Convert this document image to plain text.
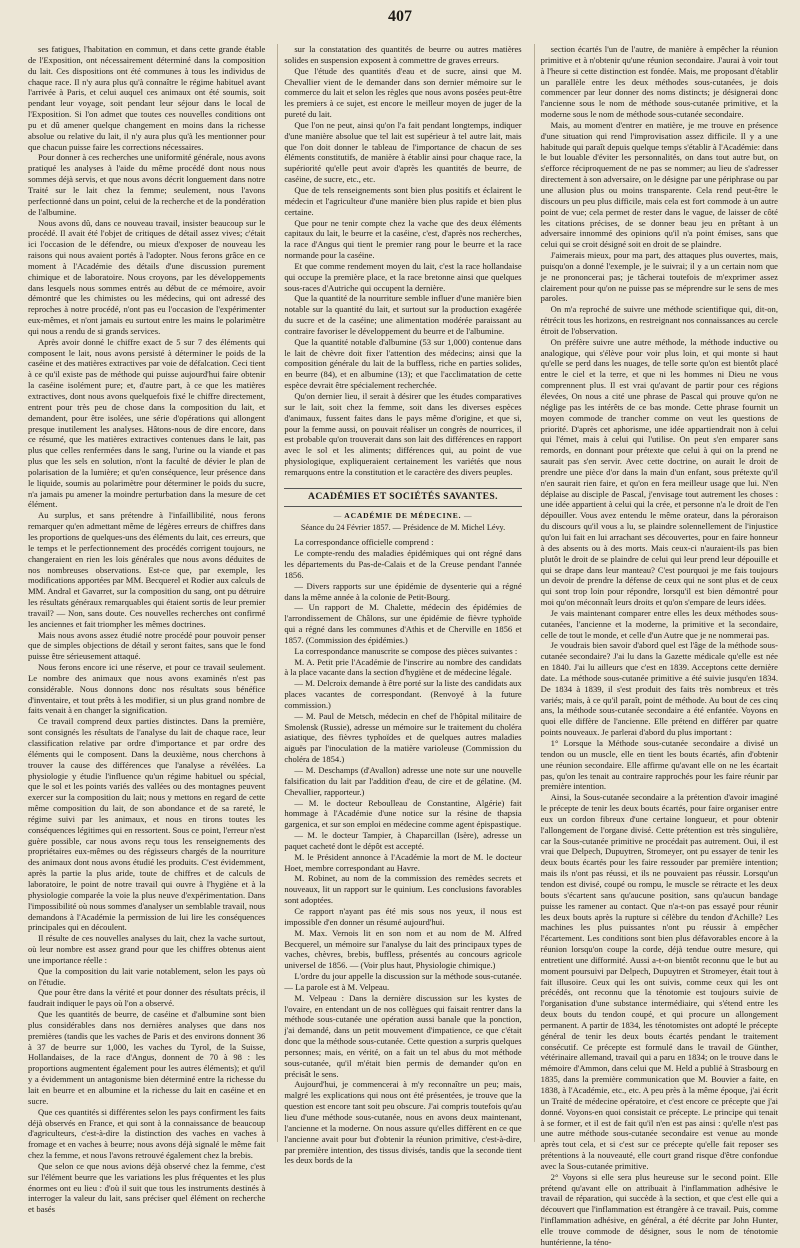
407

ses fatigues, l'habitation en commun, et dans cette grande étable de l'Exposition, ont nécessairement déterminé dans la composition du lait. Ces dispositions ont été communes à tous les individus de chaque race. Il n'y aura plus qu'à connaître le régime habituel avant l'arrivée à Paris, et celui auquel ces animaux ont été soumis, soit pendant leur voyage, soit pendant leur séjour dans le local de l'Exposition. Si l'on admet que toutes ces nouvelles conditions ont pu et dû amener quelque changement en moins dans la richesse absolue ou relative du lait, il n'y aura plus qu'à les mentionner pour que chacun puisse faire les corrections nécessaires.

Pour donner à ces recherches une uniformité générale, nous avons pratiqué les analyses à l'aide du même procédé dont nous nous sommes déjà servis, et que nous avons décrit longuement dans notre Traité sur le lait chez la femme; seulement, nous l'avons perfectionné dans un point, celui de la recherche et de la pondération de l'albumine.

Nous avons dû, dans ce nouveau travail, insister beaucoup sur le procédé. Il avait été l'objet de critiques de détail assez vives; c'était ici l'occasion de le défendre, ou mieux d'exposer de nouveau les raisons qui nous avaient portés à l'adopter. Nous ferons grâce en ce moment à l'Académie des détails d'une discussion purement chimique et de laboratoire. Nous croyons, par les développements dans lesquels nous sommes entrés au début de ce mémoire, avoir démontré que les chimistes ou les médecins, qui ont adressé des reproches à notre procédé, n'ont pas eu l'occasion de l'expérimenter eux-mêmes, et n'ont jamais eu surtout entre les mains le polarimètre qui nous a rendu de si grands services.

Après avoir donné le chiffre exact de 5 sur 7 des éléments qui composent le lait, nous avons persisté à déterminer le poids de la caséine et des matières extractives par voie de défalcation. Ceci tient à ce qu'il existe pas de méthode qui puisse aujourd'hui faire obtenir la caséine isolément pure; et, d'autre part, à ce que les matières extractives, dont nous avons quelquefois fixé le chiffre directement, entrent pour très peu de chose dans la composition du lait, et demandent, pour être isolées, une série d'opérations qui allongent presque inutilement les analyses. Hâtons-nous de dire encore, dans ce résumé, que les matières extractives contenues dans le lait, pas plus que celles renfermées dans le sang, l'urine ou la viande et pas plus que les sels en solution, n'ont la faculté de dévier le plan de polarisation de la lumière; et qu'en conséquence, leur présence dans le liquide, soumis au polarimètre pour déterminer le poids du sucre, n'a jamais pu amener la moindre perturbation dans la mesure de cet élément.

Au surplus, et sans prétendre à l'infaillibilité, nous ferons remarquer qu'en admettant même de légères erreurs de chiffres dans les proportions de quelques-uns des éléments du lait, ces erreurs, que le temps et le perfectionnement des procédés corrigent toujours, ne changeraient en rien les lois générales que nous avons déduites de nos nombreuses observations. Est-ce que, par exemple, les modifications apportées par MM. Becquerel et Rodier aux calculs de MM. Andral et Gavarret, sur la composition du sang, ont pu détruire les résultats généraux remarquables qui étaient sortis de leur premier travail? — Non, sans doute. Ces nouvelles recherches ont confirmé les anciennes et fait triompher les mêmes doctrines.

Mais nous avons assez étudié notre procédé pour pouvoir penser que de simples objections de détail y seront faites, sans que le fond puisse être sérieusement attaqué.

Nous ferons encore ici une réserve, et pour ce travail seulement. Le nombre des animaux que nous avons examinés n'est pas considérable. Nous donnons donc nos résultats sous bénéfice d'inventaire, et tout prêts à les modifier, si un plus grand nombre de faits venait à en changer la signification.

Ce travail comprend deux parties distinctes. Dans la première, sont consignés les résultats de l'analyse du lait de chaque race, leur classification relative par ordre d'importance et par ordre des éléments qui le composent. Dans la deuxième, nous cherchons à trouver la cause des différences que l'analyse a révélées. La physiologie y étudie l'influence qu'un régime habituel ou spécial, que le sol et les points variés des vallées ou des montagnes peuvent exercer sur la composition du lait; nous y mettons en regard de cette même composition du lait, de son abondance et de sa rareté, le régime suivi par les animaux, et nous en tirons toutes les conséquences légitimes qui en ressortent. Sous ce point, l'erreur n'est guère possible, car nous avons reçu tous les renseignements des propriétaires eux-mêmes ou des régisseurs chargés de la nourriture des animaux dont nous avons étudié les produits. C'est évidemment, après la partie la plus aride, toute de chiffres et de calculs de laboratoire, le point de notre travail qui ouvre à l'hygiène et à la physiologie comparée la voie la plus neuve d'expérimentation. Dans l'impossibilité où nous sommes d'analyser un semblable travail, nous demandons à l'Académie la permission de lui lire les conséquences principales qui en découlent.

Il résulte de ces nouvelles analyses du lait, chez la vache surtout, où leur nombre est assez grand pour que les chiffres obtenus aient une importance réelle :

Que la composition du lait varie notablement, selon les pays où on l'étudie.

Que pour être dans la vérité et pour donner des résultats précis, il faudrait indiquer le pays où l'on a observé.

Que les quantités de beurre, de caséine et d'albumine sont bien plus considérables dans nos dernières analyses que dans nos premières (tandis que les vaches de Paris et des environs donnent 36 à 37 de beurre sur 1,000, les vaches du Tyrol, de la Suisse, Hollandaises, de la race d'Angus, donnent de 70 à 98 : les proportions augmentent également pour les autres éléments); et qu'il y a évidemment un antagonisme bien déterminé entre la richesse du lait en beurre et en albumine et la richesse du lait en caséine et en sucre.

Que ces quantités si différentes selon les pays confirment les faits déjà observés en France, et qui sont à la connaissance de beaucoup d'agriculteurs, c'est-à-dire la distinction des vaches en vaches à fromage et en vaches à beurre; nous avons déjà signalé le même fait chez la femme, et nous l'avons retrouvé également chez la brebis.

Que selon ce que nous avions déjà observé chez la femme, c'est sur l'élément beurre que les variations les plus fréquentes et les plus énormes ont eu lieu : d'où il suit que tous les instruments destinés à interroger la valeur du lait, sans préciser quel élément on recherche et basés

sur la constatation des quantités de beurre ou autres matières solides en suspension exposent à commettre de graves erreurs.

Que l'étude des quantités d'eau et de sucre, ainsi que M. Chevallier vient de le demander dans son dernier mémoire sur le commerce du lait et selon les règles que nous avons posées peut-être les premiers à ce sujet, est encore le meilleur moyen de juger de la pureté du lait.

Que l'on ne peut, ainsi qu'on l'a fait pendant longtemps, indiquer d'une manière absolue que tel lait est supérieur à tel autre lait, mais que l'on doit donner le tableau de l'importance de chacun de ses éléments constitutifs, de manière à établir ainsi pour chaque race, la supériorité qu'elle peut avoir d'après les quantités de beurre, de caséine, de sucre, etc., etc.

Que de tels renseignements sont bien plus positifs et éclairent le médecin et l'agriculteur d'une manière bien plus rapide et bien plus certaine.

Que pour ne tenir compte chez la vache que des deux éléments capitaux du lait, le beurre et la caséine, c'est, d'après nos recherches, la race d'Angus qui tient le premier rang pour le beurre et la race normande pour la caséine.

Et que comme rendement moyen du lait, c'est la race hollandaise qui occupe la première place, et la race bretonne ainsi que quelques sous-races d'Autriche qui occupent la dernière.

Que la quantité de la nourriture semble influer d'une manière bien notable sur la quantité du lait, et surtout sur la production exagérée du sucre et de la caséine; une alimentation modérée paraissant au contraire favoriser le développement du beurre et de l'albumine.

Que la quantité notable d'albumine (53 sur 1,000) contenue dans le lait de chèvre doit fixer l'attention des médecins; ainsi que la composition générale du lait de la buffless, riche en parties solides, en beurre (84), et en albumine (13); et que l'acclimatation de cette espèce devrait être spécialement recherchée.

Qu'on dernier lieu, il serait à désirer que les études comparatives sur le lait, soit chez la femme, soit dans les diverses espèces d'animaux, fussent faites dans le pays même d'origine, et que si, pour la femme aussi, on pouvait réaliser un congrès de nourrices, il est probable qu'on trouverait dans son lait des différences en rapport avec le sol et les aliments; différences qui, au point de vue physiologique, expliqueraient certainement les variétés que nous remarquons entre la constitution et le caractère des divers peuples.

ACADÉMIES ET SOCIÉTÉS SAVANTES.
— ACADÉMIE DE MÉDECINE. —
Séance du 24 Février 1857. — Présidence de M. Michel Lévy.

La correspondance officielle comprend :

Le compte-rendu des maladies épidémiques qui ont régné dans les départements du Pas-de-Calais et de la Creuse pendant l'année 1856.

— Divers rapports sur une épidémie de dysenterie qui a régné dans la même année à la colonie de Petit-Bourg.

— Un rapport de M. Chalette, médecin des épidémies de l'arrondissement de Châlons, sur une épidémie de fièvre typhoïde qui a régné dans les communes d'Athis et de Cherville en 1856 et 1857. (Commission des épidémies.)

La correspondance manuscrite se compose des pièces suivantes :

M. A. Petit prie l'Académie de l'inscrire au nombre des candidats à la place vacante dans la section d'hygiène et de médecine légale.

— M. Delcroix demande à être porté sur la liste des candidats aux places vacantes de correspondant. (Renvoyé à la future commission.)

— M. Paul de Metsch, médecin en chef de l'hôpital militaire de Smolensk (Russie), adresse un mémoire sur le traitement du choléra asiatique, des fièvres typhoïdes et de quelques autres maladies aiguës par l'inoculation de la matière varioleuse (Commission du choléra de 1854.)

— M. Deschamps (d'Avallon) adresse une note sur une nouvelle falsification du lait par l'addition d'eau, de cire et de gélatine. (M. Chevallier, rapporteur.)

— M. le docteur Reboulleau de Constantine, Algérie) fait hommage à l'Académie d'une notice sur la résine de thapsia gargenica, et sur son emploi en médecine comme agent épispastique.

— M. le docteur Tampier, à Chaparcillan (Isère), adresse un paquet cacheté dont le dépôt est accepté.

M. le Président annonce à l'Académie la mort de M. le docteur Hoet, membre correspondant au Havre.

M. Robinet, au nom de la commission des remèdes secrets et nouveaux, lit un rapport sur le quinium. Les conclusions favorables sont adoptées.

Ce rapport n'ayant pas été mis sous nos yeux, il nous est impossible d'en donner un résumé aujourd'hui.

M. Max. Vernois lit en son nom et au nom de M. Alfred Becquerel, un mémoire sur l'analyse du lait des principaux types de vaches, chèvres, brebis, buffless, présentés au concours agricole universel de 1856. — (Voir plus haut, Physiologie chimique.)

L'ordre du jour appelle la discussion sur la méthode sous-cutanée. — La parole est à M. Velpeau.

M. Velpeau : Dans la dernière discussion sur les kystes de l'ovaire, en entendant un de nos collègues qui faisait rentrer dans la méthode sous-cutanée une opération aussi banale que la ponction, j'ai demandé, dans un petit mouvement d'impatience, ce que c'était donc que la méthode sous-cutanée. Cette question a surpris quelques personnes; mais, en vérité, on a fait un tel abus du mot méthode sous-cutanée, qu'il m'était bien permis de demander qu'on en précisât le sens.

Aujourd'hui, je commencerai à m'y reconnaître un peu; mais, malgré les explications qui nous ont été présentées, je trouve que la question est encore tant soit peu obscure. J'ai compris toutefois qu'au lieu d'une méthode sous-cutanée, nous en avons deux maintenant, l'ancienne et la moderne. On nous assure qu'elles diffèrent en ce que l'ancienne avait pour but d'obtenir la réunion primitive, c'est-à-dire, par première intention, des tissus divisés, tandis que la seconde tient les deux bords de la

section écartés l'un de l'autre, de manière à empêcher la réunion primitive et à n'obtenir qu'une réunion secondaire. J'aurai à voir tout à l'heure si cette distinction est fondée. Mais, me proposant d'établir un parallèle entre les deux méthodes sous-cutanées, je dois commencer par leur donner des noms distincts; je désignerai donc l'ancienne sous le nom de méthode sous-cutanée primitive, et la moderne sous le nom de méthode sous-cutanée secondaire.

Mais, au moment d'entrer en matière, je me trouve en présence d'une situation qui rend l'improvisation assez difficile. Il y a une habitude qui paraît depuis quelque temps s'établir à l'Académie: dans le but louable d'éviter les personnalités, on dans tout autre but, on s'efforce réciproquement de ne pas se nommer; au lieu de s'adresser directement à son adversaire, on le désigne par une périphrase ou par une allusion plus ou moins transparente. Cela rend peut-être le discours un peu plus difficile, mais cela est fort commode à un autre point de vue; cela permet de rester dans le vague, de laisser de côté les citations précises, de se donner beau jeu en prêtant à un adversaire innommé des opinions qu'il n'a point émises, sans que celui qui se croit désigné soit en droit de se plaindre.

J'aimerais mieux, pour ma part, des attaques plus ouvertes, mais, puisqu'on a donné l'exemple, je le suivrai; il y a un certain nom que je ne prononcerai pas; je tâcherai toutefois de m'exprimer assez clairement pour qu'on ne puisse pas se méprendre sur le sens de mes paroles.

On m'a reproché de suivre une méthode scientifique qui, dit-on, rétrécit tous les horizons, en restreignant nos connaissances au cercle étroit de l'observation.

On préfère suivre une autre méthode, la méthode inductive ou analogique, qui s'élève pour voir plus loin, et qui monte si haut qu'elle se perd dans les nuages, de telle sorte qu'on est bientôt placé entre le ciel et la terre, et que ni les hommes ni Dieu ne vous comprennent plus. Il est vrai qu'avant de partir pour ces régions élevées, On nous a cité une phrase de Pascal qui prouve qu'on ne néglige pas les intérêts de ce bas monde. Cette phrase fournit un moyen commode de trancher comme on veut les questions de priorité. D'après cet aphorisme, une idée appartiendrait non à celui qui l'émet, mais à celui qui l'utilise. On peut s'en emparer sans remords, en donnant pour prétexte que celui à qui on la prend ne saurait pas s'en servir. Avec cette doctrine, on aurait le droit de prendre une pièce d'or dans la main d'un enfant, sous prétexte qu'il n'en saurait rien faire, et qu'on en fera meilleur usage que lui. N'en déplaise au disciple de Pascal, j'envisage tout autrement les choses : une idée appartient à celui qui la crée, et personne n'a le droit de l'en dépouiller. Vous avez entendu le même orateur, dans la péroraison du discours qu'il vous a lu, se plaindre solennellement de l'injustice qu'on lui fait en lui arrachant ses découvertes, pour en faire honneur à des absents ou à des morts. Mais ceux-ci n'auraient-ils pas bien plutôt le droit de se plaindre de celui qui leur prend leur dépouille et qui se drape dans leur manteau? C'est pourquoi je me fais toujours un devoir de prendre la défense de ceux qui ne sont plus et de ceux qui sont trop loin pour répondre, lorsqu'il est bien démontré pour moi qu'on méconnaît leurs droits et qu'on s'empare de leurs idées.

Je vais maintenant comparer entre elles les deux méthodes sous-cutanées, l'ancienne et la moderne, la primitive et la secondaire, celle de tout le monde, et celle d'un Autre que je ne nommerai pas.

Je voudrais bien savoir d'abord quel est l'âge de la méthode sous-cutanée secondaire? J'ai lu dans la Gazette médicale qu'elle est née en 1840. J'ai lu ailleurs que c'est en 1839. Acceptons cette dernière date. La méthode sous-cutanée primitive a été suivie jusqu'en 1834. De 1834 à 1839, il s'est produit des faits très nombreux et très variés; mais, à ce qu'il paraît, point de méthode. Au bout de ces cinq ans, la méthode sous-cutanée secondaire a été enfantée. Voyons en quoi elle diffère de l'ancienne. Elle prétend en différer par quatre points nouveaux. Je parlerai d'abord du plus important :

1° Lorsque la Méthode sous-cutanée secondaire a divisé un tendon ou un muscle, elle en tient les bouts écartés, afin d'obtenir une réunion secondaire. Elle affirme qu'avant elle on ne les écartait pas, qu'on les tenait au contraire rapprochés pour les faire réunir par première intention.

Ainsi, la Sous-cutanée secondaire a la prétention d'avoir imaginé le précepte de tenir les deux bouts écartés, pour faire organiser entre eux un cordon fibreux d'une certaine longueur, et pour obtenir l'allongement de l'organe divisé. Cette prétention est très singulière, car la Sous-cutanée primitive ne procédait pas autrement. Oui, il est vrai que Delpech, Dupuytren, Stromeyer, ont pu essayer de tenir les deux bouts écartés pour les faire ressouder par première intention; mais ils n'ont pas réussi, et ils ne pouvaient pas réussir. Lorsqu'un tendon est divisé, coupé ou rompu, le muscle se rétracte et les deux bouts s'écartent sans qu'aucune position, sans qu'aucun bandage puisse les ramener au contact. Que n'a-t-on pas essayé pour réunir les deux bouts après la rupture si célèbre du tendon d'Achille? Les machines les plus puissantes n'ont pu réussir à empêcher l'écartement. Les conditions sont bien plus défavorables encore à la réunion lorsqu'on coupe la corde, déjà tendue outre mesure, qui entretient une difformité. Aussi a-t-on bientôt reconnu que le but au moment poursuivi par Delpech, Dupuytren et Stromeyer, était tout à fait illusoire. Ceux qui les ont suivis, comme ceux qui les ont précédés, ont reconnu que la ténotomie est toujours suivie de l'organisation d'une substance intermédiaire, qui s'étend entre les deux bouts du tendon coupé, et qui procure un allongement permanent. A partir de 1834, les ténotomistes ont adopté le précepte général de tenir les deux bouts écartés pendant le traitement consécutif. Ce précepte est formulé dans le travail de Günther, vétérinaire allemand, travail qui a paru en 1834; on le trouve dans le mémoire d'Ammon, dans celui que M. Held a publié à Strasbourg en 1835, dans la première communication que M. Bouvier a faite, en 1838, à l'Académie, etc., etc. A peu près à la même époque, j'ai écrit un Traité de médecine opératoire, et c'est encore ce précepte que j'ai donné. Voyons-en quoi consistait ce précepte. Le principe qui tenait à se former, et il est de fait qu'il n'en est pas ainsi : qu'elle n'est pas une autre méthode sous-cutanée secondaire est venue au monde après tout cela, et si c'est sur ce précepte qu'elle fait reposer ses prétentions à la nouveauté, elle court grand risque d'être confondue avec la Sous-cutanée primitive.

2° Voyons si elle sera plus heureuse sur le second point. Elle prétend qu'avant elle on attribuait à l'inflammation adhésive le travail de réparation, qui succède à la section, et que c'est elle qui a découvert que l'inflammation est étrangère à ce travail. Puis, comme l'inflammation adhésive, en général, a été décrite par John Hunter, elle trouve commode de désigner, sous le nom de ténotomie huntérienne, la téno-
